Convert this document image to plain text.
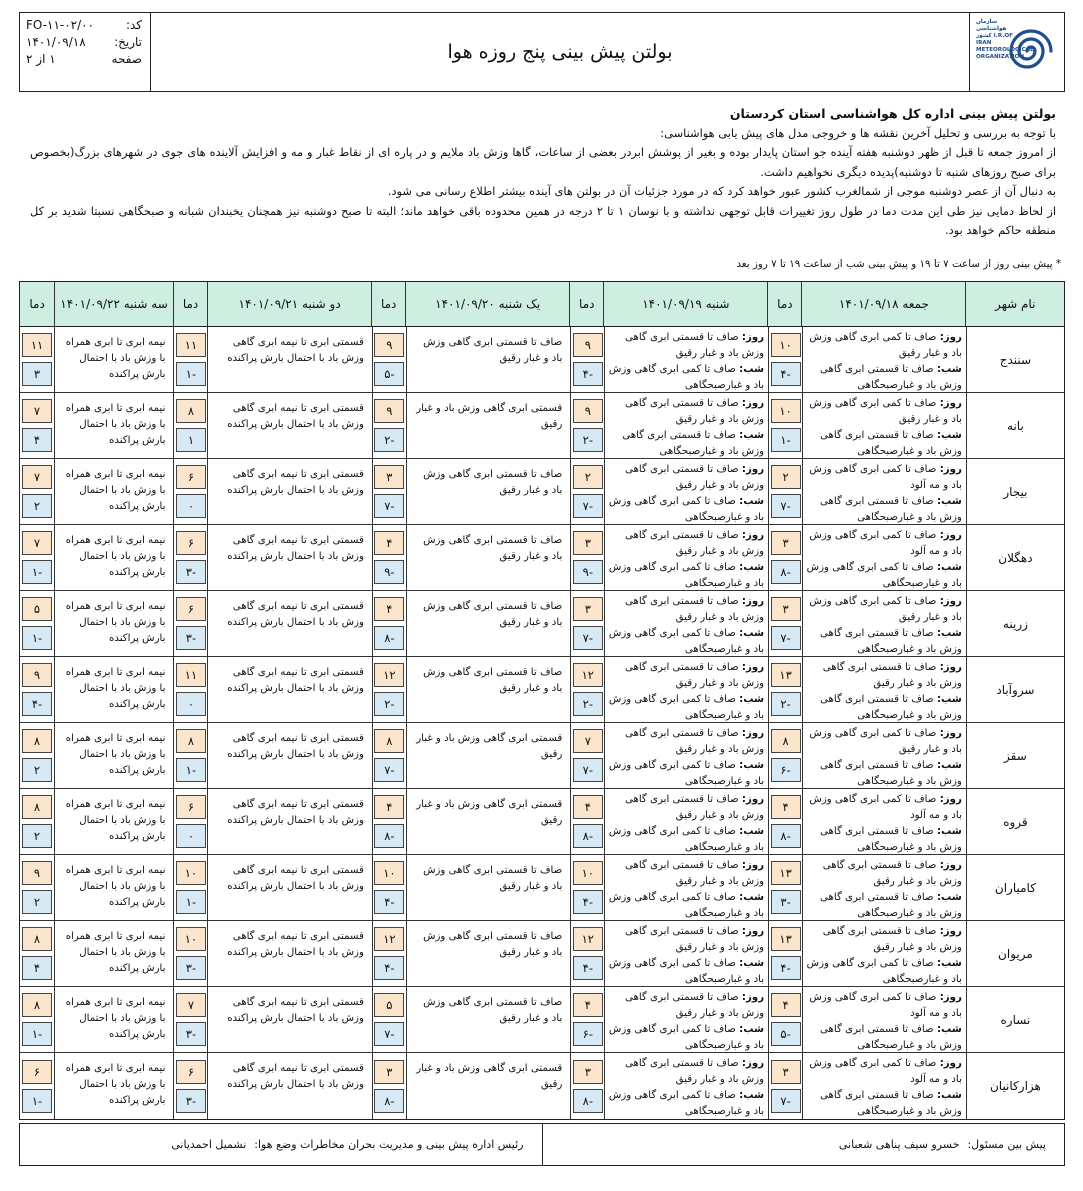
کد:
FO-۱۱-۰۲/۰۰
تاریخ:
۱۴۰۱/۰۹/۱۸
صفحه
۱ از ۲	بولتن پیش بینی پنج روزه هوا
سازمان هواشناسی کشور I.R.OF IRAN METEOROLOGICAL ORGANIZATION
بولتن پیش بینی اداره کل هواشناسی استان کردستان

با توجه به بررسی و تحلیل آخرین نقشه ها و خروجی مدل های پیش یابی هواشناسی:

از امروز جمعه تا قبل از ظهر دوشنبه هفته آینده جو استان پایدار بوده و بغیر از پوشش ابردر بعضی از ساعات، گاها وزش باد ملایم و در پاره ای از نقاط غبار و مه و افزایش آلاینده های جوی در شهرهای بزرگ(بخصوص برای صبح روزهای شنبه تا دوشنبه)پدیده دیگری نخواهیم داشت.

به دنبال آن از عصر دوشنبه موجی از شمالغرب کشور عبور خواهد کرد که در مورد جزئیات آن در بولتن های آینده بیشتر اطلاع رسانی می شود.

از لحاظ دمایی نیز طی این مدت دما در طول روز تغییرات قابل توجهی نداشته و با نوسان ۱ تا ۲ درجه در همین محدوده باقی خواهد ماند؛ البته تا صبح دوشنبه نیز همچنان یخبندان شبانه و صبحگاهی نسبتا شدید بر کل منطقه حاکم خواهد بود.

* پیش بینی روز از ساعت ۷ تا ۱۹ و پیش بینی شب از ساعت ۱۹ تا ۷ روز بعد
نام شهر
جمعه ۱۴۰۱/۰۹/۱۸
دما
شنبه ۱۴۰۱/۰۹/۱۹
دما
یک شنبه ۱۴۰۱/۰۹/۲۰
دما
دو شنبه ۱۴۰۱/۰۹/۲۱
دما
سه شنبه ۱۴۰۱/۰۹/۲۲
دما
سنندج
روز: صاف تا کمی ابری گاهی وزش باد و غبار رقیق
شب: صاف تا قسمتی ابری گاهی وزش باد و غبارصبحگاهی
۱۰
-۴
روز: صاف تا قسمتی ابری گاهی وزش باد و غبار رقیق
شب: صاف تا کمی ابری گاهی وزش باد و غبارصبحگاهی
۹
-۴
صاف تا قسمتی ابری گاهی وزش باد و غبار رقیق
۹
-۵
قسمتی ابری تا نیمه ابری گاهی وزش باد با احتمال بارش پراکنده
۱۱
-۱
نیمه ابری تا ابری همراه با وزش باد با احتمال بارش پراکنده
۱۱
۳
بانه
روز: صاف تا کمی ابری گاهی وزش باد و غبار رقیق
شب: صاف تا قسمتی ابری گاهی وزش باد و غبارصبحگاهی
۱۰
-۱
روز: صاف تا قسمتی ابری گاهی وزش باد و غبار رقیق
شب: صاف تا قسمتی ابری گاهی وزش باد و غبارصبحگاهی
۹
-۲
قسمتی ابری گاهی وزش باد و غبار رقیق
۹
-۲
قسمتی ابری تا نیمه ابری گاهی وزش باد با احتمال بارش پراکنده
۸
۱
نیمه ابری تا ابری همراه با وزش باد با احتمال بارش پراکنده
۷
۴
بیجار
روز: صاف تا کمی ابری گاهی وزش باد و مه آلود
شب: صاف تا قسمتی ابری گاهی وزش باد و غبارصبحگاهی
۲
-۷
روز: صاف تا قسمتی ابری گاهی وزش باد و غبار رقیق
شب: صاف تا کمی ابری گاهی وزش باد و غبارصبحگاهی
۲
-۷
صاف تا قسمتی ابری گاهی وزش باد و غبار رقیق
۳
-۷
قسمتی ابری تا نیمه ابری گاهی وزش باد با احتمال بارش پراکنده
۶
۰
نیمه ابری تا ابری همراه با وزش باد با احتمال بارش پراکنده
۷
۲
دهگلان
روز: صاف تا کمی ابری گاهی وزش باد و مه آلود
شب: صاف تا کمی ابری گاهی وزش باد و غبارصبحگاهی
۳
-۸
روز: صاف تا قسمتی ابری گاهی وزش باد و غبار رقیق
شب: صاف تا کمی ابری گاهی وزش باد و غبارصبحگاهی
۳
-۹
صاف تا قسمتی ابری گاهی وزش باد و غبار رقیق
۴
-۹
قسمتی ابری تا نیمه ابری گاهی وزش باد با احتمال بارش پراکنده
۶
-۳
نیمه ابری تا ابری همراه با وزش باد با احتمال بارش پراکنده
۷
-۱
زرینه
روز: صاف تا کمی ابری گاهی وزش باد و غبار رقیق
شب: صاف تا قسمتی ابری گاهی وزش باد و غبارصبحگاهی
۳
-۷
روز: صاف تا قسمتی ابری گاهی وزش باد و غبار رقیق
شب: صاف تا کمی ابری گاهی وزش باد و غبارصبحگاهی
۳
-۷
صاف تا قسمتی ابری گاهی وزش باد و غبار رقیق
۴
-۸
قسمتی ابری تا نیمه ابری گاهی وزش باد با احتمال بارش پراکنده
۶
-۳
نیمه ابری تا ابری همراه با وزش باد با احتمال بارش پراکنده
۵
-۱
سروآباد
روز: صاف تا قسمتی ابری گاهی وزش باد و غبار رقیق
شب: صاف تا قسمتی ابری گاهی وزش باد و غبارصبحگاهی
۱۳
-۲
روز: صاف تا قسمتی ابری گاهی وزش باد و غبار رقیق
شب: صاف تا کمی ابری گاهی وزش باد و غبارصبحگاهی
۱۲
-۲
صاف تا قسمتی ابری گاهی وزش باد و غبار رقیق
۱۲
-۲
قسمتی ابری تا نیمه ابری گاهی وزش باد با احتمال بارش پراکنده
۱۱
۰
نیمه ابری تا ابری همراه با وزش باد با احتمال بارش پراکنده
۹
-۴
سقز
روز: صاف تا کمی ابری گاهی وزش باد و غبار رقیق
شب: صاف تا قسمتی ابری گاهی وزش باد و غبارصبحگاهی
۸
-۶
روز: صاف تا قسمتی ابری گاهی وزش باد و غبار رقیق
شب: صاف تا کمی ابری گاهی وزش باد و غبارصبحگاهی
۷
-۷
قسمتی ابری گاهی وزش باد و غبار رقیق
۸
-۷
قسمتی ابری تا نیمه ابری گاهی وزش باد با احتمال بارش پراکنده
۸
-۱
نیمه ابری تا ابری همراه با وزش باد با احتمال بارش پراکنده
۸
۲
قروه
روز: صاف تا کمی ابری گاهی وزش باد و مه آلود
شب: صاف تا قسمتی ابری گاهی وزش باد و غبارصبحگاهی
۴
-۸
روز: صاف تا قسمتی ابری گاهی وزش باد و غبار رقیق
شب: صاف تا کمی ابری گاهی وزش باد و غبارصبحگاهی
۴
-۸
قسمتی ابری گاهی وزش باد و غبار رقیق
۴
-۸
قسمتی ابری تا نیمه ابری گاهی وزش باد با احتمال بارش پراکنده
۶
۰
نیمه ابری تا ابری همراه با وزش باد با احتمال بارش پراکنده
۸
۲
کامیاران
روز: صاف تا قسمتی ابری گاهی وزش باد و غبار رقیق
شب: صاف تا قسمتی ابری گاهی وزش باد و غبارصبحگاهی
۱۳
-۳
روز: صاف تا قسمتی ابری گاهی وزش باد و غبار رقیق
شب: صاف تا کمی ابری گاهی وزش باد و غبارصبحگاهی
۱۰
-۴
صاف تا قسمتی ابری گاهی وزش باد و غبار رقیق
۱۰
-۴
قسمتی ابری تا نیمه ابری گاهی وزش باد با احتمال بارش پراکنده
۱۰
-۱
نیمه ابری تا ابری همراه با وزش باد با احتمال بارش پراکنده
۹
۲
مریوان
روز: صاف تا قسمتی ابری گاهی وزش باد و غبار رقیق
شب: صاف تا کمی ابری گاهی وزش باد و غبارصبحگاهی
۱۳
-۴
روز: صاف تا قسمتی ابری گاهی وزش باد و غبار رقیق
شب: صاف تا کمی ابری گاهی وزش باد و غبارصبحگاهی
۱۲
-۴
صاف تا قسمتی ابری گاهی وزش باد و غبار رقیق
۱۲
-۴
قسمتی ابری تا نیمه ابری گاهی وزش باد با احتمال بارش پراکنده
۱۰
-۳
نیمه ابری تا ابری همراه با وزش باد با احتمال بارش پراکنده
۸
۴
نساره
روز: صاف تا کمی ابری گاهی وزش باد و مه آلود
شب: صاف تا قسمتی ابری گاهی وزش باد و غبارصبحگاهی
۴
-۵
روز: صاف تا قسمتی ابری گاهی وزش باد و غبار رقیق
شب: صاف تا کمی ابری گاهی وزش باد و غبارصبحگاهی
۴
-۶
صاف تا قسمتی ابری گاهی وزش باد و غبار رقیق
۵
-۷
قسمتی ابری تا نیمه ابری گاهی وزش باد با احتمال بارش پراکنده
۷
-۳
نیمه ابری تا ابری همراه با وزش باد با احتمال بارش پراکنده
۸
-۱
هزارکانیان
روز: صاف تا کمی ابری گاهی وزش باد و مه آلود
شب: صاف تا قسمتی ابری گاهی وزش باد و غبارصبحگاهی
۳
-۷
روز: صاف تا قسمتی ابری گاهی وزش باد و غبار رقیق
شب: صاف تا کمی ابری گاهی وزش باد و غبارصبحگاهی
۳
-۸
قسمتی ابری گاهی وزش باد و غبار رقیق
۳
-۸
قسمتی ابری تا نیمه ابری گاهی وزش باد با احتمال بارش پراکنده
۶
-۳
نیمه ابری تا ابری همراه با وزش باد با احتمال بارش پراکنده
۶
-۱
پیش بین مسئول:
خسرو سیف پناهی شعبانی
رئیس اداره پیش بینی و مدیریت بحران مخاطرات وضع هوا:
نشمیل احمدیانی
